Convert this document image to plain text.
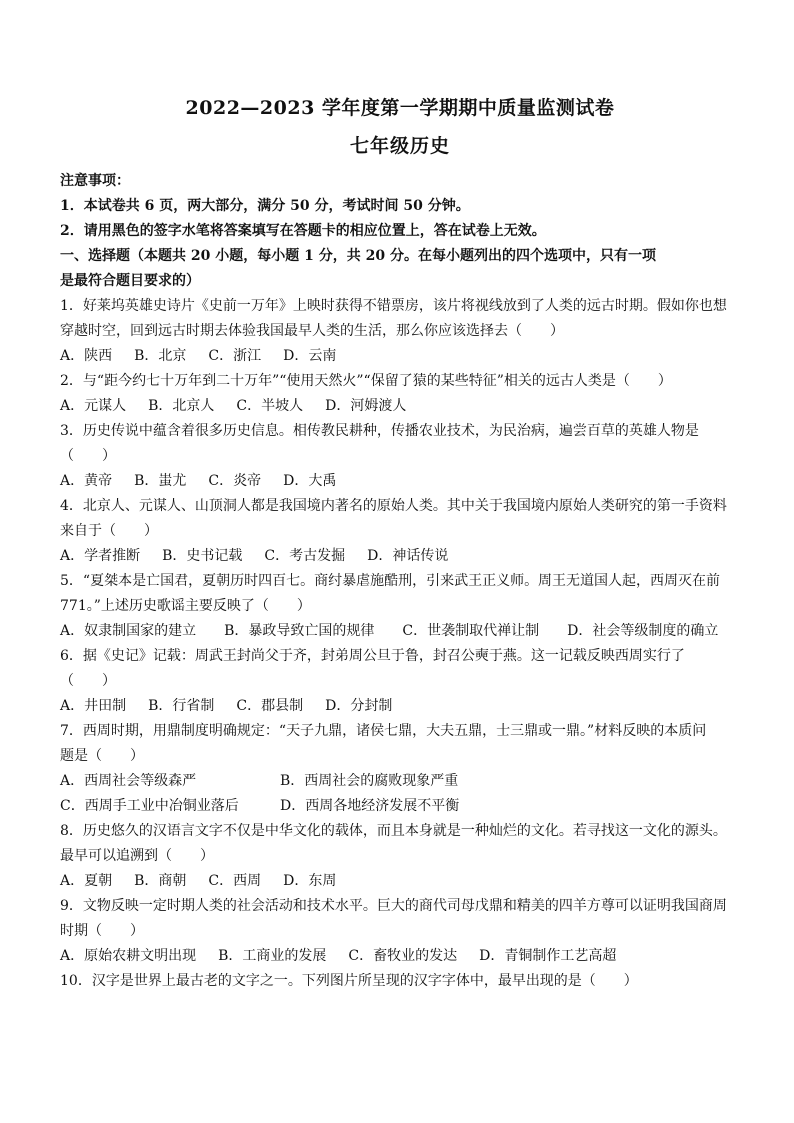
2022—2023 学年度第一学期期中质量监测试卷
七年级历史
注意事项：
1．本试卷共 6 页，两大部分，满分 50 分，考试时间 50 分钟。
2．请用黑色的签字水笔将答案填写在答题卡的相应位置上，答在试卷上无效。
一、选择题（本题共 20 小题，每小题 1 分，共 20 分。在每小题列出的四个选项中，只有一项
是最符合题目要求的）
1．好莱坞英雄史诗片《史前一万年》上映时获得不错票房，该片将视线放到了人类的远古时期。假如你也想
穿越时空，回到远古时期去体验我国最早人类的生活，那么你应该选择去（　　）
A．陕西 B．北京 C．浙江 D．云南
2．与“距今约七十万年到二十万年”“使用天然火”“保留了猿的某些特征”相关的远古人类是（　　）
A．元谋人 B．北京人 C．半坡人 D．河姆渡人
3．历史传说中蕴含着很多历史信息。相传教民耕种，传播农业技术，为民治病，遍尝百草的英雄人物是
（　　）
A．黄帝 B．蚩尤 C．炎帝 D．大禹
4．北京人、元谋人、山顶洞人都是我国境内著名的原始人类。其中关于我国境内原始人类研究的第一手资料
来自于（　　）
A．学者推断 B．史书记载 C．考古发掘 D．神话传说
5．“夏桀本是亡国君，夏朝历时四百七。商纣暴虐施酷刑，引来武王正义师。周王无道国人起，西周灭在前
771。”上述历史歌谣主要反映了（　　）
A．奴隶制国家的建立 B．暴政导致亡国的规律 C．世袭制取代禅让制 D．社会等级制度的确立
6．据《史记》记载：周武王封尚父于齐，封弟周公旦于鲁，封召公奭于燕。这一记载反映西周实行了
（　　）
A．井田制 B．行省制 C．郡县制 D．分封制
7．西周时期，用鼎制度明确规定：“天子九鼎，诸侯七鼎，大夫五鼎，士三鼎或一鼎。”材料反映的本质问
题是（　　）
A．西周社会等级森严	B．西周社会的腐败现象严重
C．西周手工业中冶铜业落后	D．西周各地经济发展不平衡
8．历史悠久的汉语言文字不仅是中华文化的载体，而且本身就是一种灿烂的文化。若寻找这一文化的源头。
最早可以追溯到（　　）
A．夏朝 B．商朝 C．西周 D．东周
9．文物反映一定时期人类的社会活动和技术水平。巨大的商代司母戊鼎和精美的四羊方尊可以证明我国商周
时期（　　）
A．原始农耕文明出现 B．工商业的发展 C．畜牧业的发达 D．青铜制作工艺高超
10．汉字是世界上最古老的文字之一。下列图片所呈现的汉字字体中，最早出现的是（　　）
